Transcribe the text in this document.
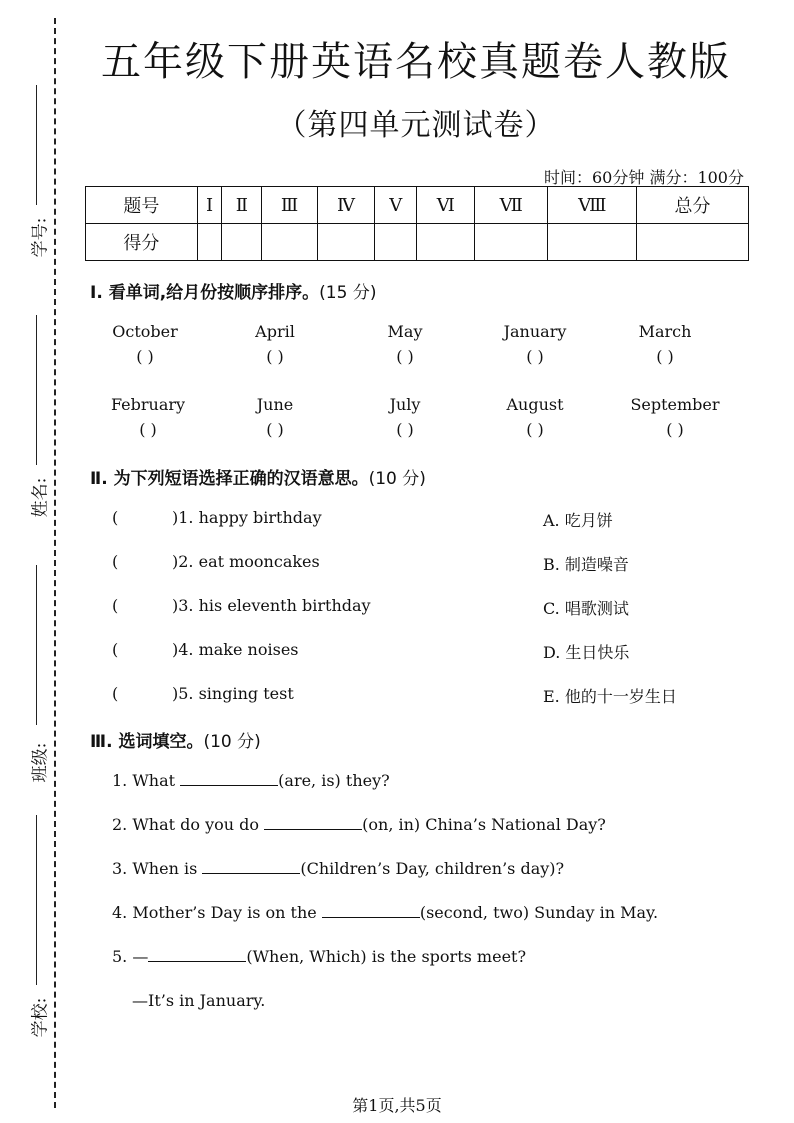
学号:
姓名:
班级:
学校:
五年级下册英语名校真题卷人教版
（第四单元测试卷）
时间：60分钟 满分：100分
题号	Ⅰ	Ⅱ	Ⅲ	Ⅳ	Ⅴ	Ⅵ	Ⅶ	Ⅷ	总分
得分									
Ⅰ. 看单词,给月份按顺序排序。(15 分)
October
( )
April
( )
May
( )
January
( )
March
( )
February
( )
June
( )
July
( )
August
( )
September
( )
Ⅱ. 为下列短语选择正确的汉语意思。(10 分)
(	)1. happy birthday
(	)2. eat mooncakes
(	)3. his eleventh birthday
(	)4. make noises
(	)5. singing test
A. 吃月饼
B. 制造噪音
C. 唱歌测试
D. 生日快乐
E. 他的十一岁生日
Ⅲ. 选词填空。(10 分)
1. What	(are, is) they?
2. What do you do	(on, in) China’s National Day?
3. When is	(Children’s Day, children’s day)?
4. Mother’s Day is on the	(second, two) Sunday in May.
5. —	(When, Which) is the sports meet?
—It’s in January.
第1页,共5页
